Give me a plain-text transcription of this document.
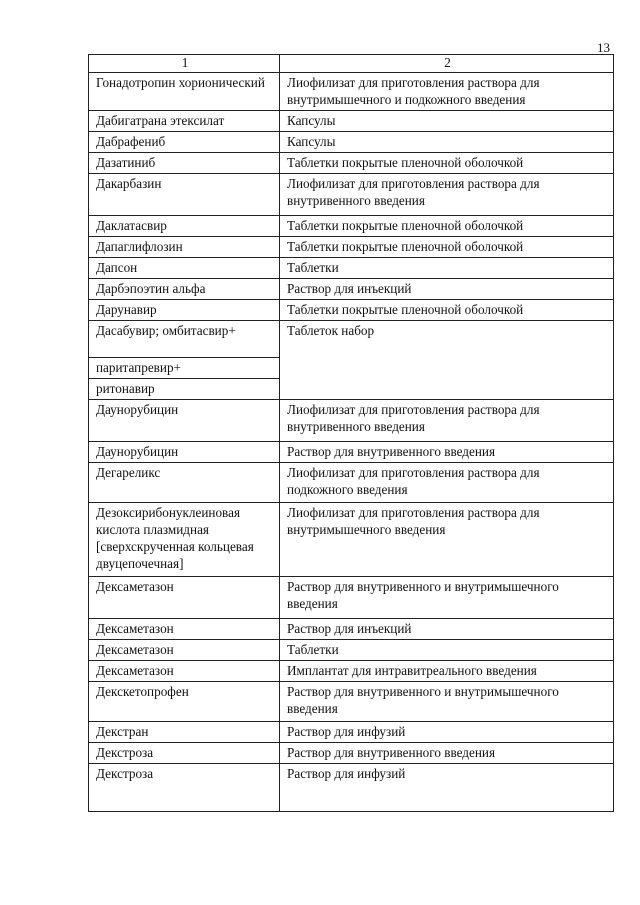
13
1	2
Гонадотропин хорионический	Лиофилизат для приготовления раствора для внутримышечного и подкожного введения
Дабигатрана этексилат	Капсулы
Дабрафениб	Капсулы
Дазатиниб	Таблетки покрытые пленочной оболочкой
Дакарбазин	Лиофилизат для приготовления раствора для внутривенного введения
Даклатасвир	Таблетки покрытые пленочной оболочкой
Дапаглифлозин	Таблетки покрытые пленочной оболочкой
Дапсон	Таблетки
Дарбэпоэтин альфа	Раствор для инъекций
Дарунавир	Таблетки покрытые пленочной оболочкой
Дасабувир; омбитасвир+	Таблеток набор
паритапревир+	
ритонавир	
Даунорубицин	Лиофилизат для приготовления раствора для внутривенного введения
Даунорубицин	Раствор для внутривенного введения
Дегареликс	Лиофилизат для приготовления раствора для подкожного введения
Дезоксирибонуклеиновая кислота плазмидная [сверхскрученная кольцевая двуцепочечная]	Лиофилизат для приготовления раствора для внутримышечного введения
Дексаметазон	Раствор для внутривенного и внутримышечного введения
Дексаметазон	Раствор для инъекций
Дексаметазон	Таблетки
Дексаметазон	Имплантат для интравитреального введения
Декскетопрофен	Раствор для внутривенного и внутримышечного введения
Декстран	Раствор для инфузий
Декстроза	Раствор для внутривенного введения
Декстроза	Раствор для инфузий
